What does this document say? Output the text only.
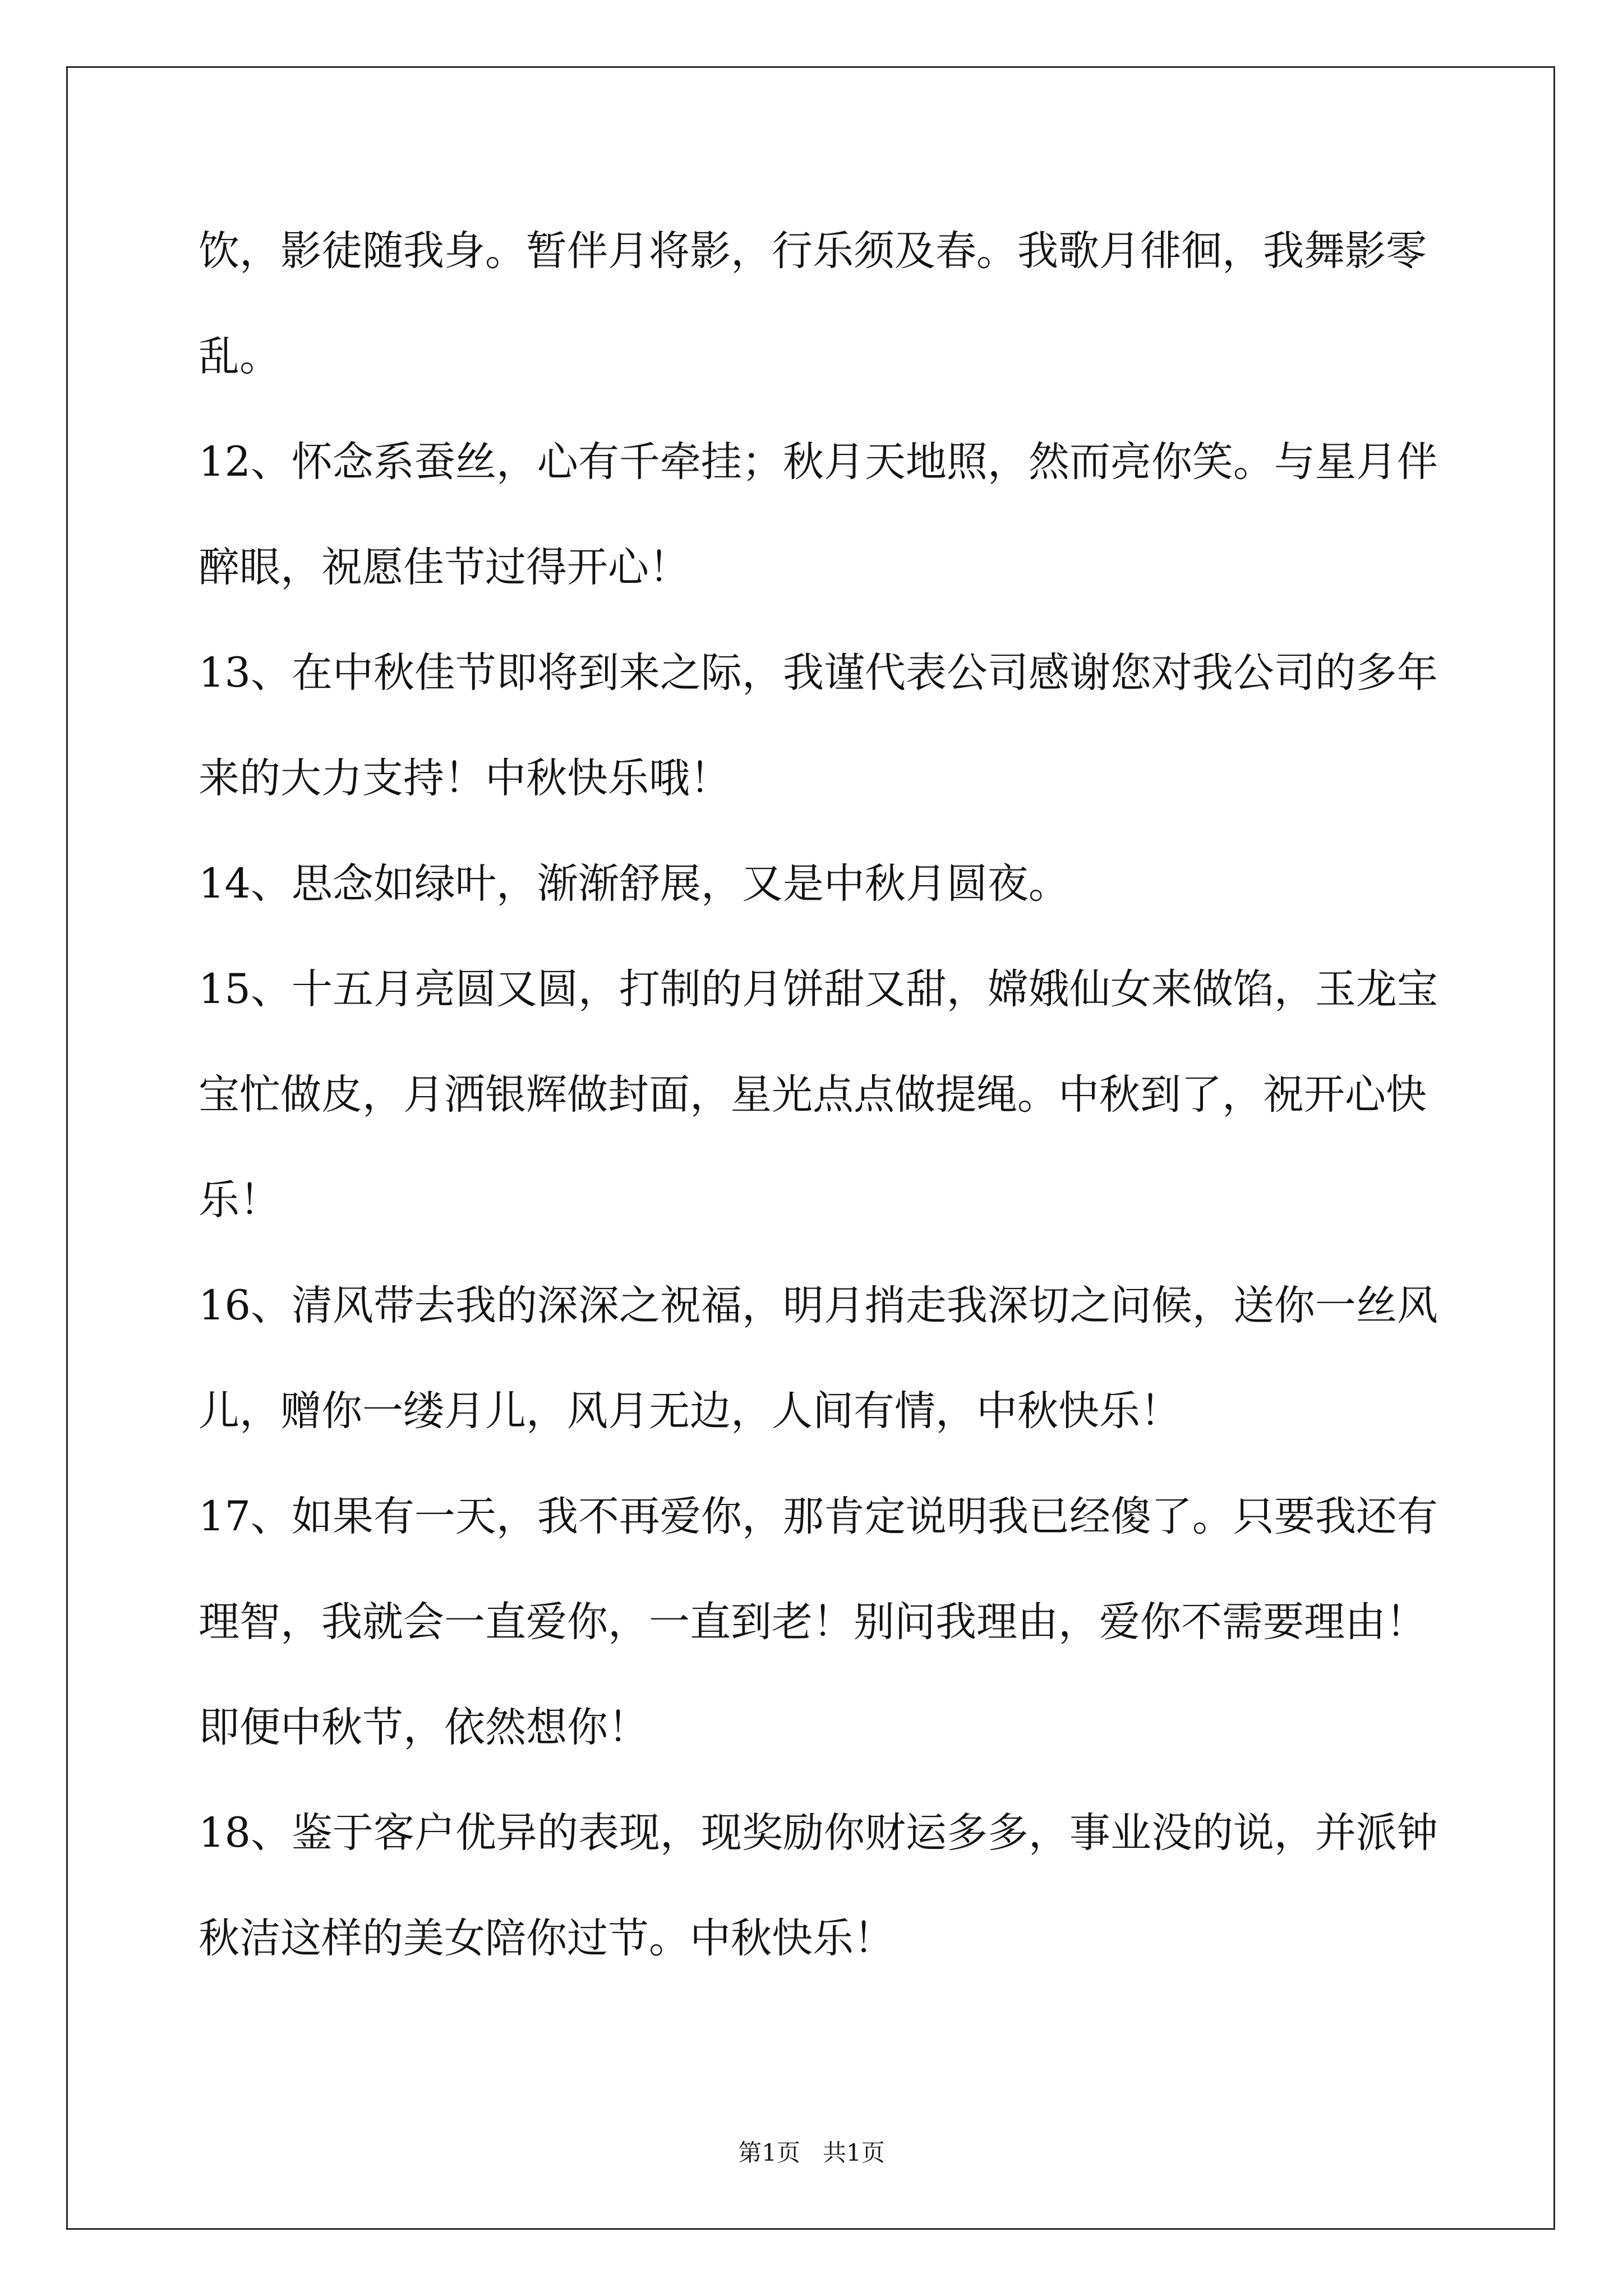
饮，影徒随我身。暂伴月将影，行乐须及春。我歌月徘徊，我舞影零
乱。
12、怀念系蚕丝，心有千牵挂；秋月天地照，然而亮你笑。与星月伴
醉眼，祝愿佳节过得开心！
13、在中秋佳节即将到来之际，我谨代表公司感谢您对我公司的多年
来的大力支持！中秋快乐哦！
14、思念如绿叶，渐渐舒展，又是中秋月圆夜。
15、十五月亮圆又圆，打制的月饼甜又甜，嫦娥仙女来做馅，玉龙宝
宝忙做皮，月洒银辉做封面，星光点点做提绳。中秋到了，祝开心快
乐！
16、清风带去我的深深之祝福，明月捎走我深切之问候，送你一丝风
儿，赠你一缕月儿，风月无边，人间有情，中秋快乐！
17、如果有一天，我不再爱你，那肯定说明我已经傻了。只要我还有
理智，我就会一直爱你，一直到老！别问我理由，爱你不需要理由！
即便中秋节，依然想你！
18、鉴于客户优异的表现，现奖励你财运多多，事业没的说，并派钟
秋洁这样的美女陪你过节。中秋快乐！
第1页   共1页
